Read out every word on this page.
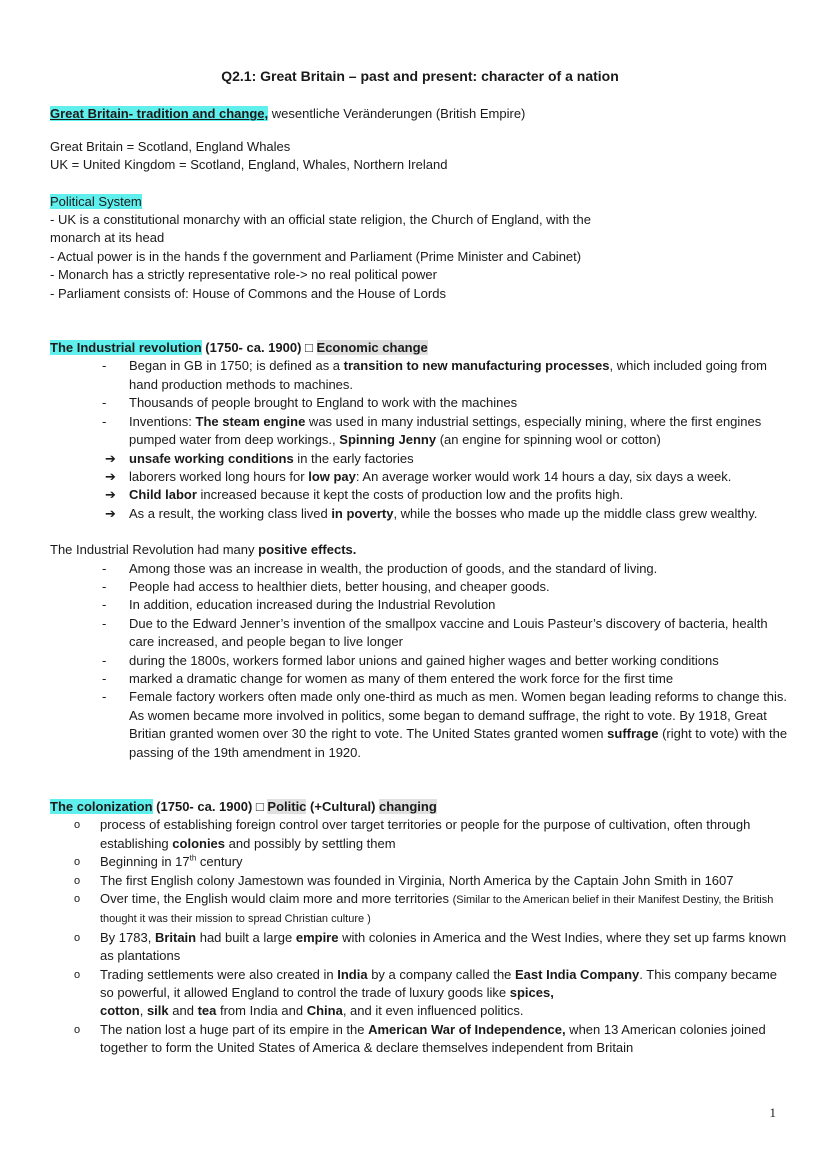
Q2.1: Great Britain – past and present: character of a nation

Great Britain- tradition and change, wesentliche Veränderungen (British Empire)

Great Britain = Scotland, England Whales

UK = United Kingdom = Scotland, England, Whales, Northern Ireland

Political System

- UK is a constitutional monarchy with an official state religion, the Church of England, with the

monarch at its head

- Actual power is in the hands f the government and Parliament (Prime Minister and Cabinet)

- Monarch has a strictly representative role-> no real political power

- Parliament consists of: House of Commons and the House of Lords

The Industrial revolution (1750- ca. 1900) □ Economic change

- Began in GB in 1750; is defined as a transition to new manufacturing processes, which included going from hand production methods to machines.
- Thousands of people brought to England to work with the machines
- Inventions: The steam engine was used in many industrial settings, especially mining, where the first engines pumped water from deep workings., Spinning Jenny (an engine for spinning wool or cotton)
➔ unsafe working conditions in the early factories
➔ laborers worked long hours for low pay: An average worker would work 14 hours a day, six days a week.
➔ Child labor increased because it kept the costs of production low and the profits high.
➔ As a result, the working class lived in poverty, while the bosses who made up the middle class grew wealthy.

The Industrial Revolution had many positive effects.

- Among those was an increase in wealth, the production of goods, and the standard of living.
- People had access to healthier diets, better housing, and cheaper goods.
- In addition, education increased during the Industrial Revolution
- Due to the Edward Jenner’s invention of the smallpox vaccine and Louis Pasteur’s discovery of bacteria, health care increased, and people began to live longer
- during the 1800s, workers formed labor unions and gained higher wages and better working conditions
- marked a dramatic change for women as many of them entered the work force for the first time
- Female factory workers often made only one-third as much as men. Women began leading reforms to change this. As women became more involved in politics, some began to demand suffrage, the right to vote. By 1918, Great Britian granted women over 30 the right to vote. The United States granted women suffrage (right to vote) with the passing of the 19th amendment in 1920.

The colonization (1750- ca. 1900) □ Politic (+Cultural) changing

o process of establishing foreign control over target territories or people for the purpose of cultivation, often through establishing colonies and possibly by settling them
o Beginning in 17th century
o The first English colony Jamestown was founded in Virginia, North America by the Captain John Smith in 1607
o Over time, the English would claim more and more territories (Similar to the American belief in their Manifest Destiny, the British thought it was their mission to spread Christian culture )
o By 1783, Britain had built a large empire with colonies in America and the West Indies, where they set up farms known as plantations
o Trading settlements were also created in India by a company called the East India Company. This company became so powerful, it allowed England to control the trade of luxury goods like spices,
cotton, silk and tea from India and China, and it even influenced politics.
o The nation lost a huge part of its empire in the American War of Independence, when 13 American colonies joined together to form the United States of America & declare themselves independent from Britain
1
